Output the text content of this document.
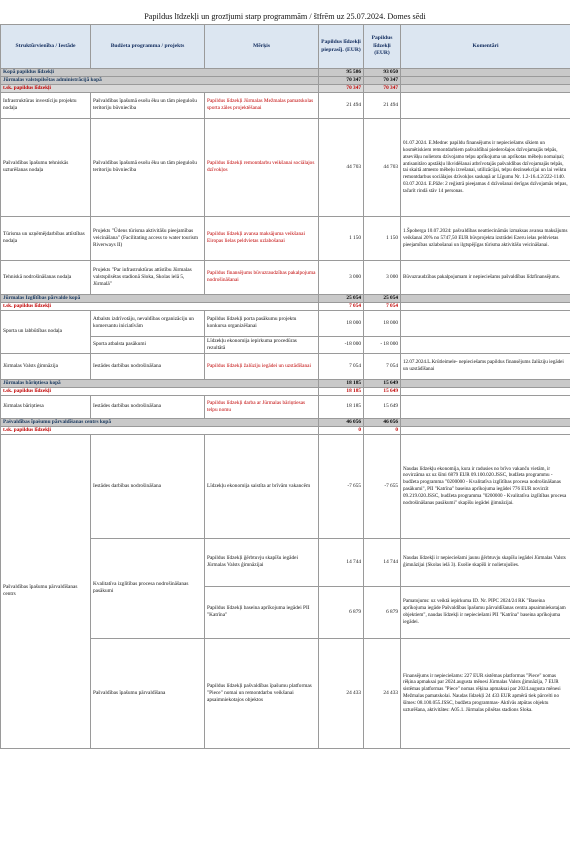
Papildus līdzekļi un grozījumi starp programmām / šīfrēm uz 25.07.2024. Domes sēdi
Struktūrvienība / Iestāde	Budžeta programma / projekts	Mērķis	Papildus līdzekļi pieprasīj. (EUR)	Papildus līdzekļi (EUR)	Komentāri
Kopā papildus līdzekļi			95 586	93 050	
Jūrmalas valstspilsētas administrācijā kopā			70 347	70 347	
t.sk. papildus līdzekļi			70 347	70 347	
Infrastruktūras investīciju projektu nodaļa	Pašvaldības īpašumā esošu ēku un tām piegulošu teritoriju būvniecība	Papildus līdzekļi Jūrmalas Mežmalas pamatskolas sporta zāles projektēšanai	21 494	21 494	
Pašvaldības īpašumu tehniskās uzturēšanas nodaļa	Pašvaldības īpašumā esošu ēku un tām piegulošu teritoriju būvniecība	Papildus līdzekļi remontdarbu veikšanai sociālajos dzīvokļos	44 703	44 703	01.07.2024. E.Medne: papildu finansējums ir nepieciešams sīkiem un kosmētiskiem remontdarbiem pašvaldībai piederošajos dzīvojamajās telpās, atsevišķu nolietotu dzīvojamo telpu aprīkojuma un aprīkotas mēbeļu nomaiņai; antisanitāro apstākļu likvidēšanai atbrīvotajās pašvaldības dzīvojamajās telpās, tai skaitā atmesto mēbeļu izvešanai, utilizācijai, telpu dezinsekcijai un lai veiktu remontdarbus sociālajos dzīvokļos saskaņā ar Līgumu Nr. 1.2-16.4.2/222-1140. 03.07.2024. E.Pāže: 2 reģistrā pieejamas 4 dzīvošanai derīgas dzīvojamās telpas, tačarīt rindā stāv 14 personas.
Tūrisma un uzņēmējdarbības attīstības nodaļa	Projekts "Ūdens tūrisma aktivitāšu pieejamības veicināšana" (Facilitating access to water tourism Riverways II)	Papildus līdzekļi avansa maksājuma veikšanai Eiropas lielas peldvietas uzlabošanai	1 150	1 150	1.Špoberga 10.07.2024: pašvaldības neattiecināmās izmaksas avansa maksājums veikšanai 20% no 5747,50 EUR būvprojekta izstrādei Ezeru ielas peldvietas pieejamības uzlabošanai un ilgtspējīgas tūrisma aktivitāšu veicināšanai.
Tehniskā nodrošināšanas nodaļa	Projekts "Par infrastruktūras attīstību Jūrmalas valstspilsētas stadionā Sloka, Skolas ielā 5, Jūrmalā"	Papildus finansējums būvuzraudzības pakalpojuma nodrošināšanai	3 000	3 000	Būvuzraudzības pakalpojumam ir nepieciešams pašvaldības līdzfinansējums.
Jūrmalas Izglītības pārvalde kopā			25 054	25 054	
t.sk. papildus līdzekļi			7 054	7 054	
Sporta un labbūtības nodaļa	Atbalsts izdrīvotāju, nevaldības organizāciju un komersantu iniciatīvām	Papildus līdzekļi porta pasākumu projektu konkursa organizēšanai	18 000	18 000	
	Sporta atbalsta pasākumi	Līdzekļu ekonomija iepirkuma procedūras rezultātā	-18 000	- 18 000	
Jūrmalas Valsts ģimnāzija	Iestādes darbības nodrošināšana	Papildus līdzekļi žalūziju iegādei un uzstādīšanai	7 054	7 054	12.07.2024.L.Krūtleimele- nepieciešams papildus finansējums žalūziju iegādei un uzstādīšanai
Jūrmalas bāriņtiesa kopā			18 185	15 649	
t.sk. papildus līdzekļi			18 185	15 649	
Jūrmalas bāriņtiesa	Iestādes darbības nodrošināšana	Papildus līdzekļi darba ar Jūrmalas bāriņtiesas telpu nomu	18 185	15 649	
Pašvaldības īpašumu pārvaldīšanas centrs kopā			46 056	46 056	
t.sk. papildus līdzekļi			0	0	
Pašvaldības īpašumu pārvaldīšanas centrs	Iestādes darbības nodrošināšana	Līdzekļu ekonomija saistīta ar brīvām vakancēm	-7 655	-7 655	Naudas līdzekļu ekonomija, kura ir radusies no brīvo vakanču vietām, ir novirzāma uz uz šīmi 6879 EUR 09.100.020.JSSC, budžeta programmu - budžeta programma "0200000 - Kvalitatīva izglītības procesa nodrošināšanas pasākumi", PII "Katrīna" baseina aprīkojuma iegādei 776 EUR novirzīt 09.219.020.JSSC, budžeta programma "0200000 - Kvalitatīva izglītības procesa nodrošināšanas pasākumi" skapīšu iegādei ģimnāzijai.
	Kvalitatīva izglītības procesa nodrošināšanas pasākumi	Papildus līdzekļi ģērbtuvju skapīšu iegādei Jūrmalas Valsts ģimnāzijai	14 744	14 744	Naudas līdzekļi ir nepieciešami jaunu ģērbtuvju skapīšu iegādei Jūrmalas Valsts ģimnāzijai (Skolas ielā 3). Esošie skapīši ir nolietojušies.
		Papildus līdzekļi baseina aprīkojuma iegādei PII "Katrīna"	6 879	6 879	Pamatojums: uz veiktā iepirkuma ID. Nr. PIPC 2024/24 RK "Baseina aprīkojuma iegāde Pašvaldības īpašumu pārvaldīšanas centra apsaimniekotajam objektiem", naudas līdzekļi ir nepieciešami PII "Katrīna" baseina aprīkojuma iegādei.
	Pašvaldības īpašumu pārvaldīšana	Papildus līdzekļi pašvaldības īpašumu platformas "Piece" nomai un remontdarbu veikšanai apsaimniekotajos objektos	24 433	24 433	Finansējums ir nepieciešams: 227 EUR sistēmas platformas "Piece" nomas rēķina apmaksai par 2024.augusta mēnesi Jūrmalas Valsts ģimnāzija, 7 EUR sistēmas platformas "Piece" nomas rēķina apmaksai par 2024.augusta mēnesi Mežmalas pamatskolai. Naudas līdzekļi 24 433 EUR apmērā tiek pārcelti no šīmes: 08.100.055.JSSC, budžeta programmas- Aktīvās atpūtas objektu uzturēšana, aktivitātes: A05.1. Jūrmalas pilsētas stadions Sloka.
